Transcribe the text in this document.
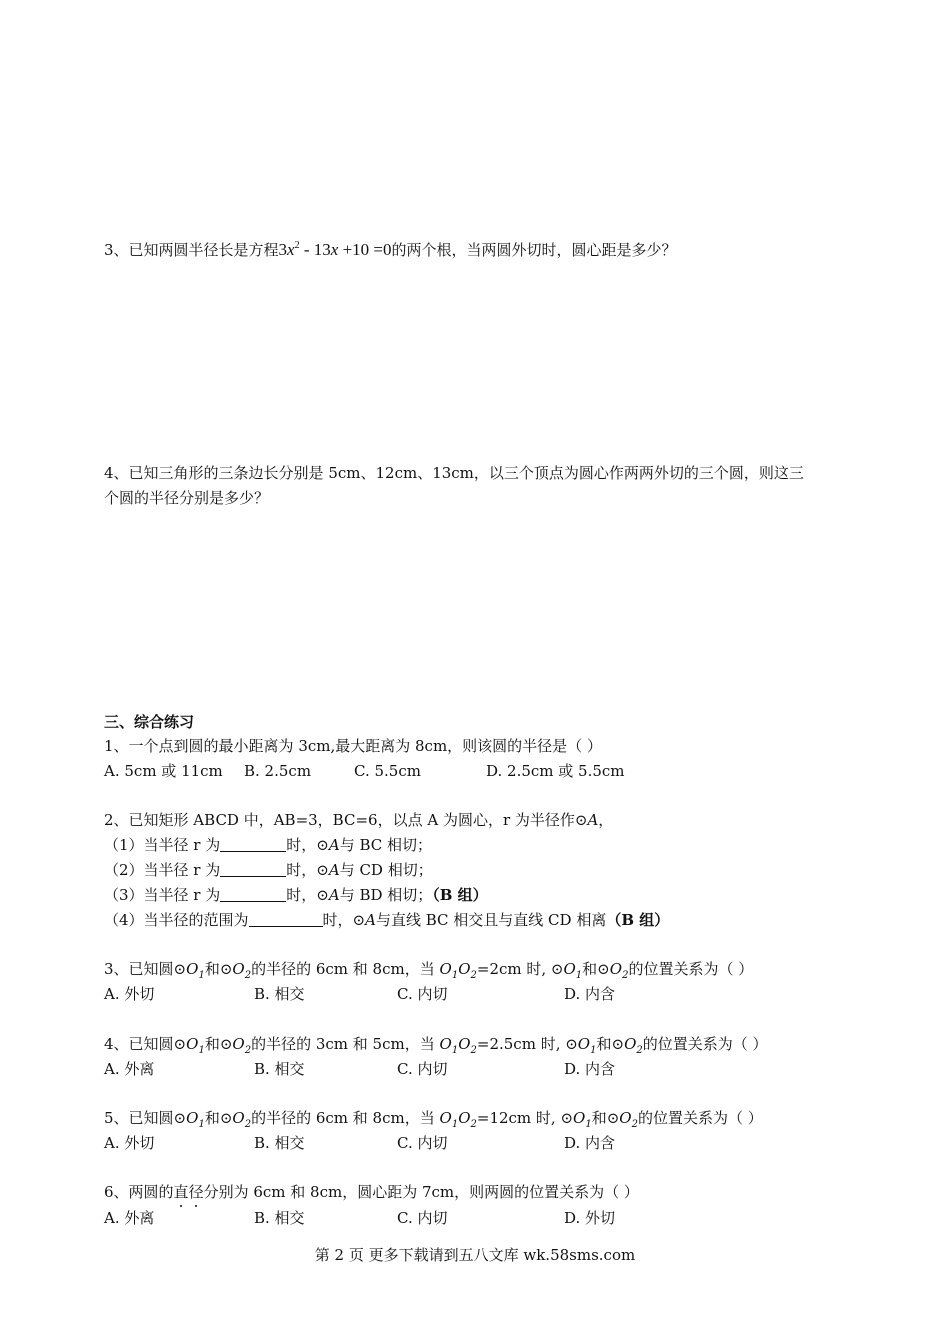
3、已知两圆半径长是方程$3x^2 - 13x +10 =0$的两个根，当两圆外切时，圆心距是多少？
4、已知三角形的三条边长分别是 5cm、12cm、13cm，以三个顶点为圆心作两两外切的三个圆，则这三
个圆的半径分别是多少？
三、综合练习
1、一个点到圆的最小距离为 3cm,最大距离为 8cm，则该圆的半径是（ ）
A. 5cm 或 11cm B. 2.5cm	C. 5.5cm	D. 2.5cm 或 5.5cm
2、已知矩形 ABCD 中，AB=3，BC=6，以点 A 为圆心，r 为半径作⊙A，
（1）当半径 r 为	时，⊙A与 BC 相切；
（2）当半径 r 为	时，⊙A与 CD 相切；
（3）当半径 r 为	时，⊙A与 BD 相切；（B 组）
（4）当半径的范围为	时，⊙A与直线 BC 相交且与直线 CD 相离（B 组）
3、已知圆$⊙O_1$和$⊙O_2$的半径的 6cm 和 8cm，当 $O_1O_2=2cm$ 时, $⊙O_1$和$⊙O_2$的位置关系为（ ）
A. 外切	B. 相交	C. 内切	D. 内含
4、已知圆$⊙O_1$和$⊙O_2$的半径的 3cm 和 5cm，当 $O_1O_2=2.5cm$ 时, $⊙O_1$和$⊙O_2$的位置关系为（ ）
A. 外离	B. 相交	C. 内切	D. 内含
5、已知圆$⊙O_1$和$⊙O_2$的半径的 6cm 和 8cm，当 $O_1O_2=12cm$ 时, $⊙O_1$和$⊙O_2$的位置关系为（ ）
A. 外切	B. 相交	C. 内切	D. 内含
6、两圆的直径分别为 6cm 和 8cm，圆心距为 7cm，则两圆的位置关系为（ ）
A. 外离	B. 相交	C. 内切	D. 外切
第 2 页 更多下载请到五八文库 wk.58sms.com
